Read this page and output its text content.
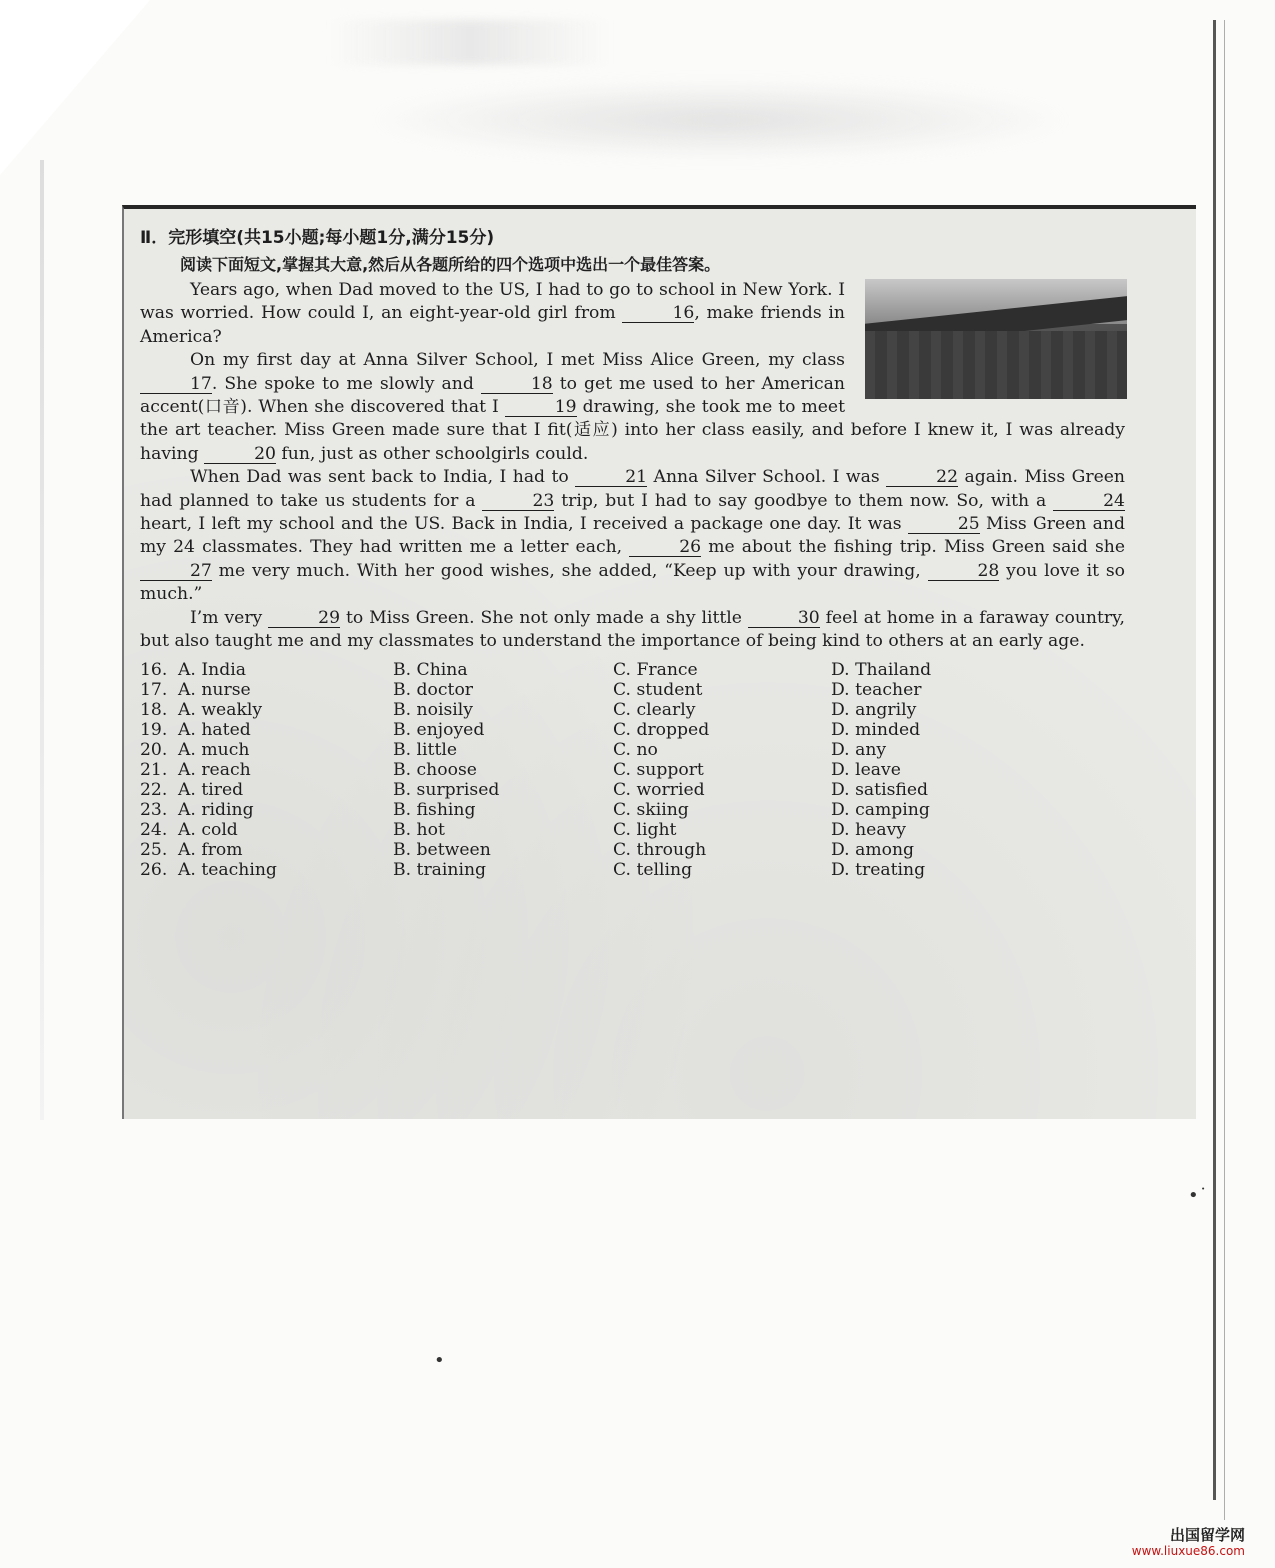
•˙
•
Ⅱ．完形填空(共15小题;每小题1分,满分15分)
阅读下面短文,掌握其大意,然后从各题所给的四个选项中选出一个最佳答案。

Years ago, when Dad moved to the US, I had to go to school in New York. I was worried. How could I, an eight-year-old girl from	16, make friends in America?

On my first day at Anna Silver School, I met Miss Alice Green, my class 17. She spoke to me slowly and	18 to get me used to her American accent(口音). When she discovered that I	19 drawing, she took me to meet the art teacher. Miss Green made sure that I fit(适应) into her class easily, and before I knew it, I was already having	20 fun, just as other schoolgirls could.

When Dad was sent back to India, I had to	21 Anna Silver School. I was	22 again. Miss Green had planned to take us students for a	23 trip, but I had to say goodbye to them now. So, with a	24 heart, I left my school and the US. Back in India, I received a package one day. It was	25 Miss Green and my 24 classmates. They had written me a letter each,	26 me about the fishing trip. Miss Green said she 27 me very much. With her good wishes, she added, “Keep up with your drawing,	28 you love it so much.”

I’m very	29 to Miss Green. She not only made a shy little	30 feel at home in a faraway country, but also taught me and my classmates to understand the importance of being kind to others at an early age.

16.	A. India	B. China	C. France	D. Thailand
17.	A. nurse	B. doctor	C. student	D. teacher
18.	A. weakly	B. noisily	C. clearly	D. angrily
19.	A. hated	B. enjoyed	C. dropped	D. minded
20.	A. much	B. little	C. no	D. any
21.	A. reach	B. choose	C. support	D. leave
22.	A. tired	B. surprised	C. worried	D. satisfied
23.	A. riding	B. fishing	C. skiing	D. camping
24.	A. cold	B. hot	C. light	D. heavy
25.	A. from	B. between	C. through	D. among
26.	A. teaching	B. training	C. telling	D. treating
出国留学网
www.liuxue86.com
